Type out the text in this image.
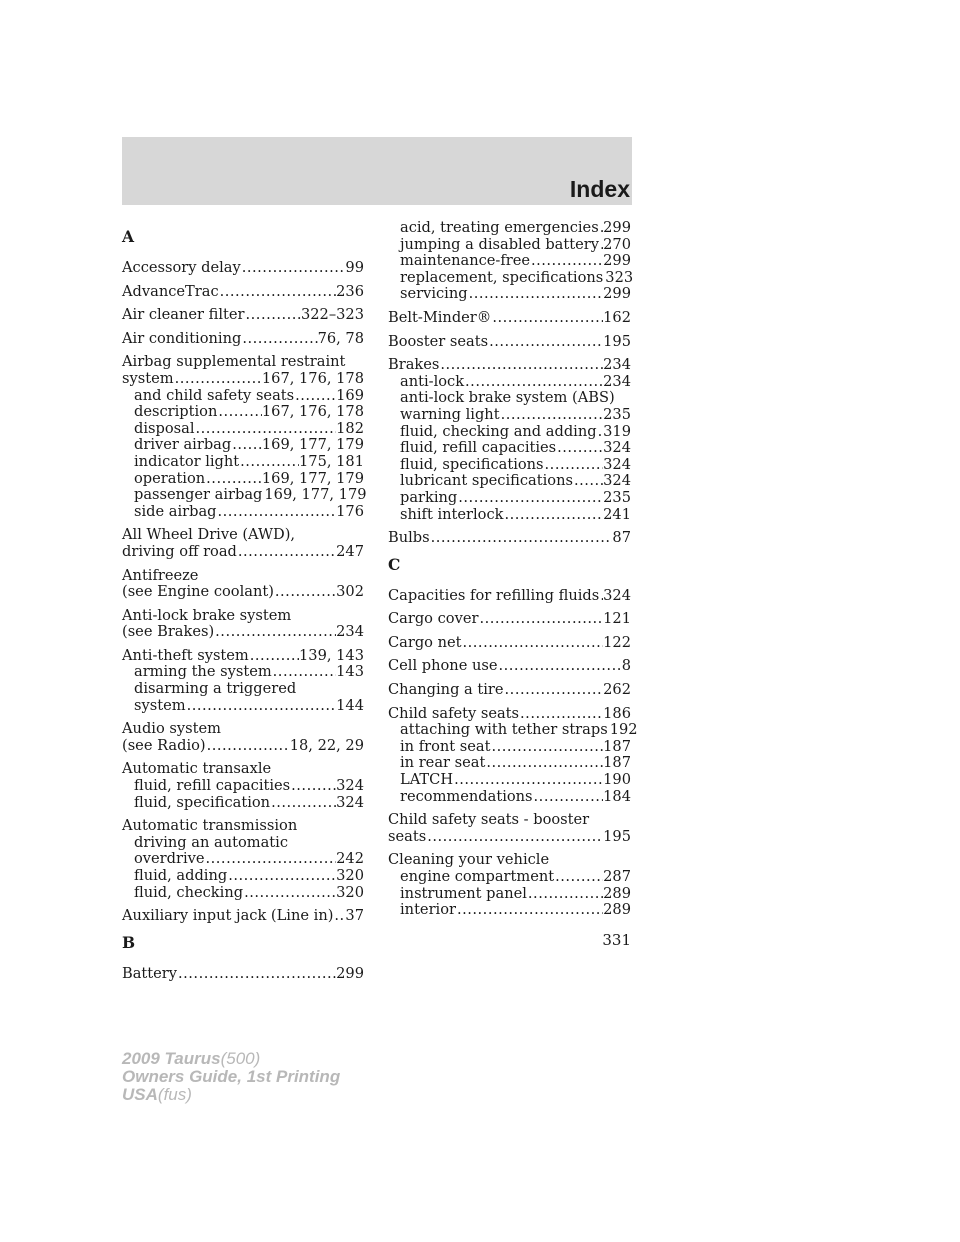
Index
A
Accessory delay .....	99
AdvanceTrac .....	236
Air cleaner filter .....	322–323
Air conditioning .....	76, 78
Airbag supplemental restraint
system .....	167, 176, 178
and child safety seats .....	169
description .....	167, 176, 178
disposal .....	182
driver airbag ..... 169, 177, 179
indicator light .....	175, 181
operation .....	169, 177, 179
passenger airbag ..... 169, 177, 179
side airbag .....	176
All Wheel Drive (AWD),
driving off road .....	247
Antifreeze
(see Engine coolant) .....	302
Anti-lock brake system
(see Brakes) .....	234
Anti-theft system .....	139, 143
arming the system .....	143
disarming a triggered
system .....	144
Audio system
(see Radio) .....	18, 22, 29
Automatic transaxle
fluid, refill capacities .....	324
fluid, specification .....	324
Automatic transmission
driving an automatic
overdrive .....	242
fluid, adding .....	320
fluid, checking .....	320
Auxiliary input jack (Line in) ..... 37
B
Battery .....	299
acid, treating emergencies ..... 299
jumping a disabled battery ..... 270
maintenance-free .....	299
replacement, specifications ..... 323
servicing .....	299
Belt-Minder® .....	162
Booster seats .....	195
Brakes .....	234
anti-lock .....	234
anti-lock brake system (ABS)
warning light .....	235
fluid, checking and adding ..... 319
fluid, refill capacities .....	324
fluid, specifications .....	324
lubricant specifications ..... 324
parking .....	235
shift interlock .....	241
Bulbs .....	87
C
Capacities for refilling fluids ..... 324
Cargo cover .....	121
Cargo net .....	122
Cell phone use .....	8
Changing a tire .....	262
Child safety seats .....	186
attaching with tether straps ..... 192
in front seat .....	187
in rear seat .....	187
LATCH .....	190
recommendations .....	184
Child safety seats - booster
seats .....	195
Cleaning your vehicle
engine compartment .....	287
instrument panel .....	289
interior .....	289
331
2009 Taurus(500)
Owners Guide, 1st Printing
USA(fus)
